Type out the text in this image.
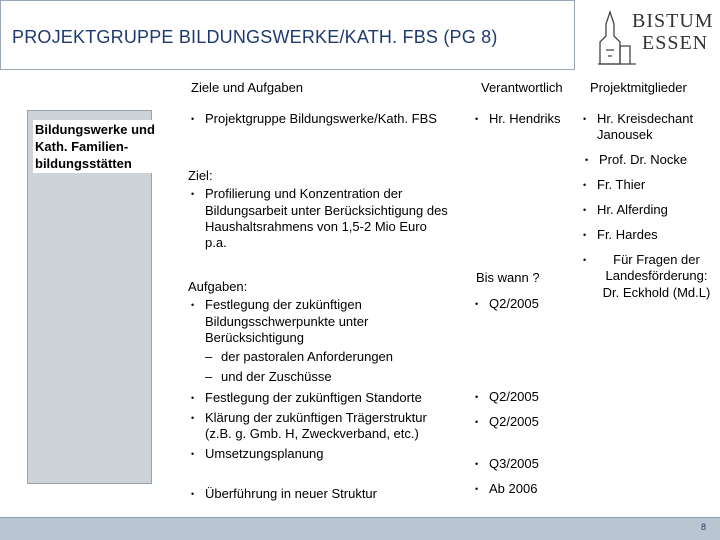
PROJEKTGRUPPE BILDUNGSWERKE/KATH. FBS (PG 8)
BISTUM
ESSEN
Ziele und Aufgaben	Verantwortlich Projektmitglieder
Bildungswerke und Kath. Familien-bildungsstätten
• Projektgruppe Bildungswerke/Kath. FBS
Ziel:
• Profilierung und Konzentration der Bildungsarbeit unter Berücksichtigung des Haushaltsrahmens von 1,5-2 Mio Euro p.a.
Aufgaben:
• Festlegung der zukünftigen Bildungsschwerpunkte unter Berücksichtigung
– der pastoralen Anforderungen
– und der Zuschüsse
• Festlegung der zukünftigen Standorte
• Klärung der zukünftigen Trägerstruktur (z.B. g. Gmb. H, Zweckverband, etc.)
• Umsetzungsplanung
• Überführung in neuer Struktur
• Hr. Hendriks
Bis wann ?
• Q2/2005
• Q2/2005
• Q2/2005
• Q3/2005
• Ab 2006
• Hr. Kreisdechant Janousek
• Prof. Dr. Nocke
• Fr. Thier
• Hr. Alferding
• Fr. Hardes
• Für Fragen der Landesförderung: Dr. Eckhold (Md.L)
8
